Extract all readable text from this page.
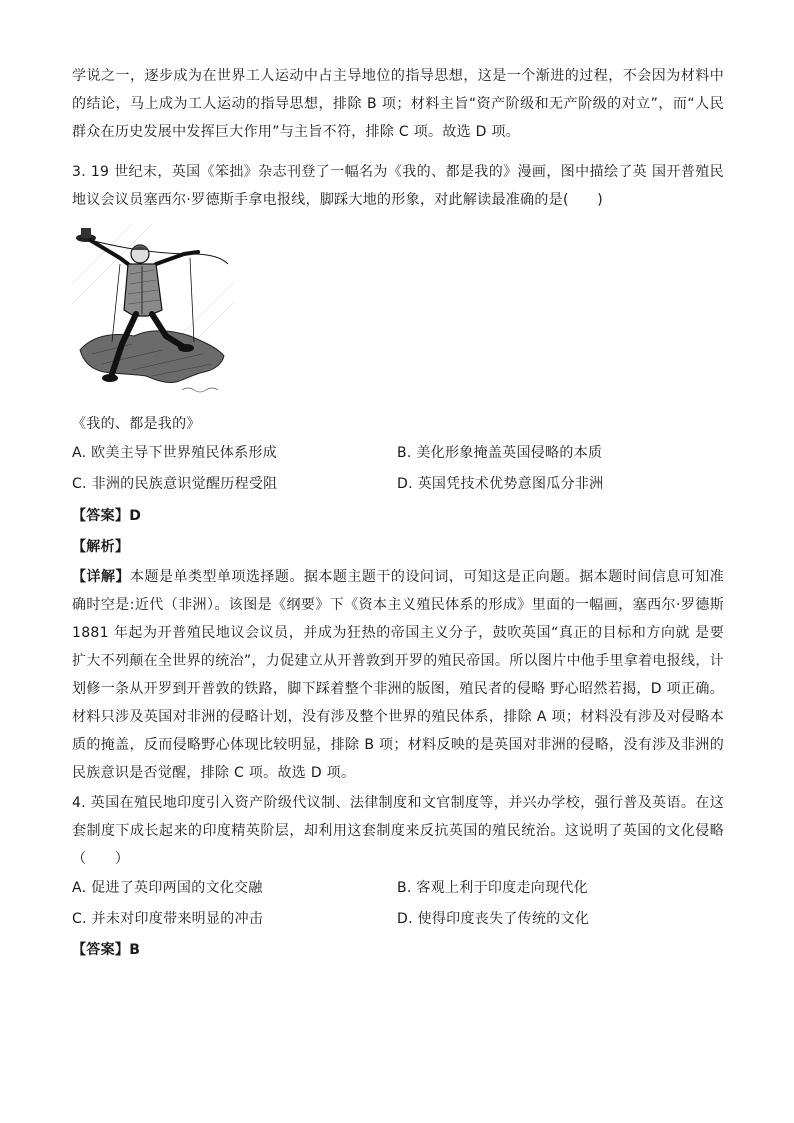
学说之一，逐步成为在世界工人运动中占主导地位的指导思想，这是一个渐进的过程，不会因为材料中的结论，马上成为工人运动的指导思想，排除 B 项；材料主旨“资产阶级和无产阶级的对立”，而“人民群众在历史发展中发挥巨大作用”与主旨不符，排除 C 项。故选 D 项。

3. 19 世纪末，英国《笨拙》杂志刊登了一幅名为《我的、都是我的》漫画，图中描绘了英 国开普殖民地议会议员塞西尔·罗德斯手拿电报线，脚踩大地的形象，对此解读最准确的是(　　)

《我的、都是我的》

A. 欧美主导下世界殖民体系形成	B. 美化形象掩盖英国侵略的本质
C. 非洲的民族意识觉醒历程受阻	D. 英国凭技术优势意图瓜分非洲
【答案】D
【解析】

【详解】本题是单类型单项选择题。据本题主题干的设问词，可知这是正向题。据本题时间信息可知准确时空是:近代（非洲）。该图是《纲要》下《资本主义殖民体系的形成》里面的一幅画，塞西尔·罗德斯 1881 年起为开普殖民地议会议员，并成为狂热的帝国主义分子，鼓吹英国“真正的目标和方向就 是要扩大不列颠在全世界的统治”，力促建立从开普敦到开罗的殖民帝国。所以图片中他手里拿着电报线，计划修一条从开罗到开普敦的铁路，脚下踩着整个非洲的版图，殖民者的侵略 野心昭然若揭，D 项正确。材料只涉及英国对非洲的侵略计划，没有涉及整个世界的殖民体系，排除 A 项；材料没有涉及对侵略本质的掩盖，反而侵略野心体现比较明显，排除 B 项；材料反映的是英国对非洲的侵略，没有涉及非洲的民族意识是否觉醒，排除 C 项。故选 D 项。

4. 英国在殖民地印度引入资产阶级代议制、法律制度和文官制度等，并兴办学校，强行普及英语。在这套制度下成长起来的印度精英阶层，却利用这套制度来反抗英国的殖民统治。这说明了英国的文化侵略（　　）

A. 促进了英印两国的文化交融	B. 客观上利于印度走向现代化
C. 并未对印度带来明显的冲击	D. 使得印度丧失了传统的文化
【答案】B
